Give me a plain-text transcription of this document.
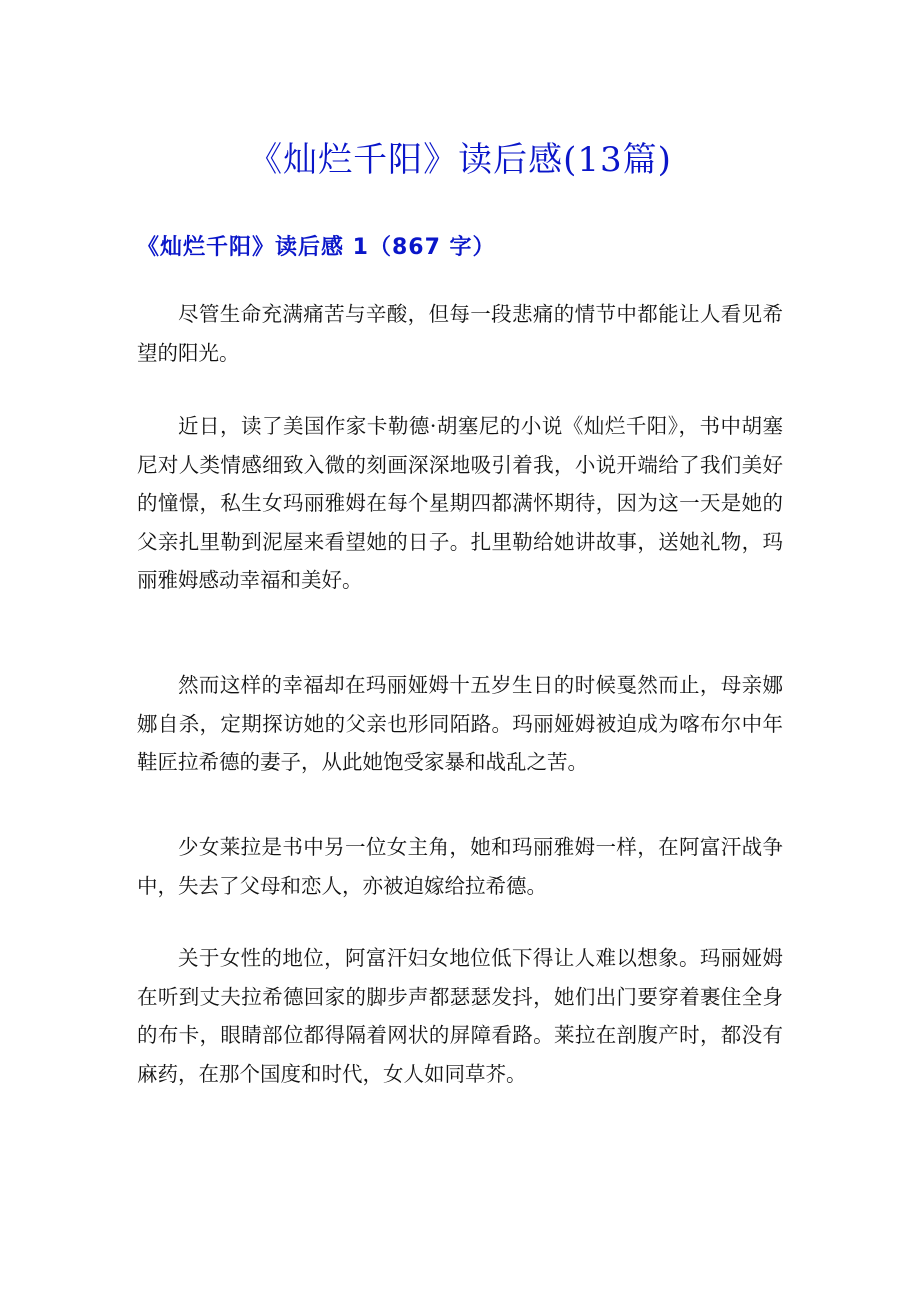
《灿烂千阳》读后感(13篇)
《灿烂千阳》读后感 1（867 字）

尽管生命充满痛苦与辛酸，但每一段悲痛的情节中都能让人看见希望的阳光。

近日，读了美国作家卡勒德·胡塞尼的小说《灿烂千阳》，书中胡塞尼对人类情感细致入微的刻画深深地吸引着我，小说开端给了我们美好的憧憬，私生女玛丽雅姆在每个星期四都满怀期待，因为这一天是她的父亲扎里勒到泥屋来看望她的日子。扎里勒给她讲故事，送她礼物，玛丽雅姆感动幸福和美好。

然而这样的幸福却在玛丽娅姆十五岁生日的时候戛然而止，母亲娜娜自杀，定期探访她的父亲也形同陌路。玛丽娅姆被迫成为喀布尔中年鞋匠拉希德的妻子，从此她饱受家暴和战乱之苦。

少女莱拉是书中另一位女主角，她和玛丽雅姆一样，在阿富汗战争中，失去了父母和恋人，亦被迫嫁给拉希德。

关于女性的地位，阿富汗妇女地位低下得让人难以想象。玛丽娅姆在听到丈夫拉希德回家的脚步声都瑟瑟发抖，她们出门要穿着裹住全身的布卡，眼睛部位都得隔着网状的屏障看路。莱拉在剖腹产时，都没有麻药，在那个国度和时代，女人如同草芥。
